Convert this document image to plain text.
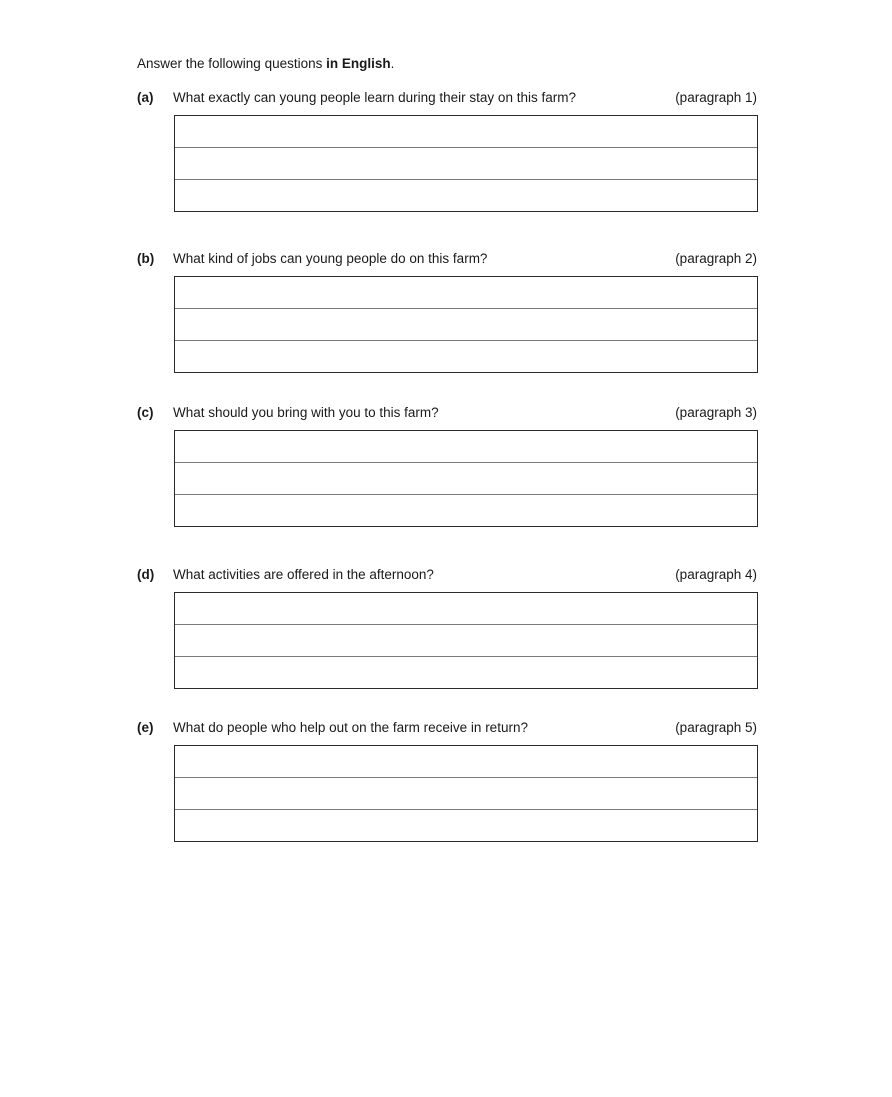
Answer the following questions in English.
(a) What exactly can young people learn during their stay on this farm?	(paragraph 1)
(b) What kind of jobs can young people do on this farm?	(paragraph 2)
(c) What should you bring with you to this farm?	(paragraph 3)
(d) What activities are offered in the afternoon?	(paragraph 4)
(e) What do people who help out on the farm receive in return?	(paragraph 5)
